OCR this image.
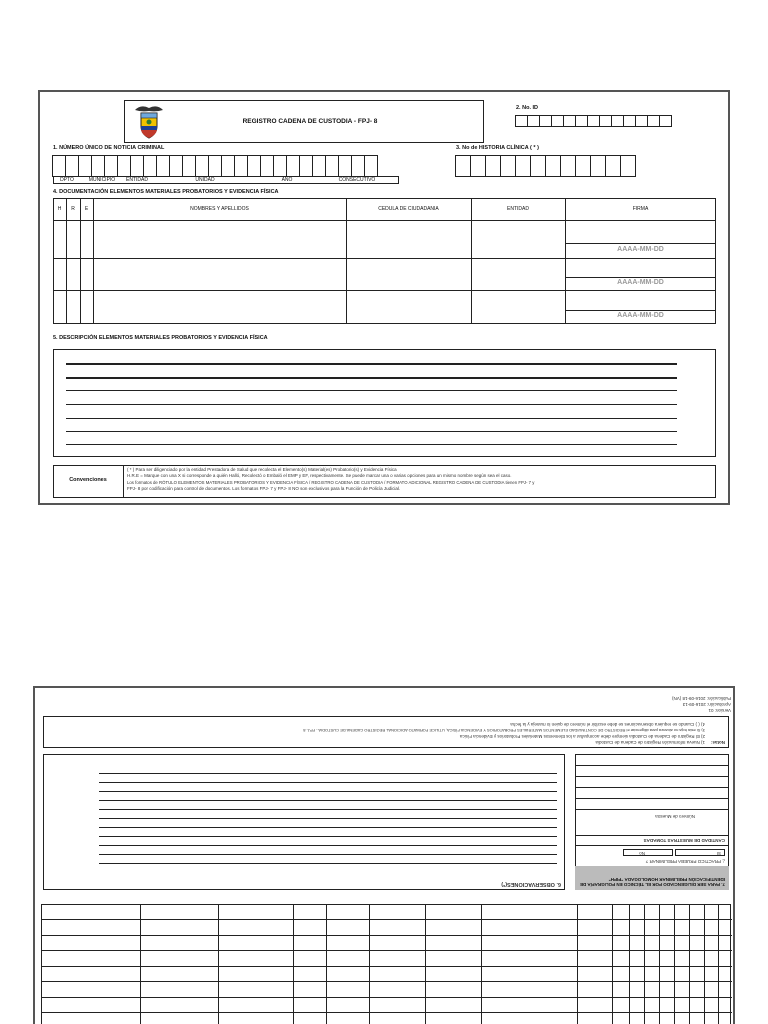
REGISTRO CADENA DE CUSTODIA - FPJ- 8
2. No. ID
1. NÚMERO ÚNICO DE NOTICIA CRIMINAL
DPTO	MUNICIPIO	ENTIDAD	UNIDAD	AÑO	CONSECUTIVO
3. No de HISTORIA CLÍNICA ( * )
4. DOCUMENTACIÓN ELEMENTOS MATERIALES PROBATORIOS Y EVIDENCIA FÍSICA
H	R	E	NOMBRES Y APELLIDOS	CEDULA DE CIUDADANIA	ENTIDAD	FIRMA
AAAA-MM-DD
AAAA-MM-DD
AAAA-MM-DD
5. DESCRIPCIÓN ELEMENTOS MATERIALES PROBATORIOS Y EVIDENCIA FÍSICA
Convenciones
( * ) Para ser diligenciado por la entidad Prestadora de Salud que recolecta el Elemento(s) Material(es) Probatorio(s) y Evidencia Física
H.R.E = Marque con una X si corresponde a quién Halló, Recolectó o Embaló el EMP y EF, respectivamente. Se puede marcar una o varias opciones para un mismo nombre según sea el caso.
Los formatos de RÓTULO ELEMENTOS MATERIALES PROBATORIOS Y EVIDENCIA FÍSICA / REGISTRO CADENA DE CUSTODIA / FORMATO ADICIONAL REGISTRO CADENA DE CUSTODIA tienen FPJ- 7 y
FPJ- 8 por codificación para control de documentos. Los formatos FPJ- 7 y FPJ- 8 NO son exclusivos para la Función de Policía Judicial.
Version: 01
Aprobación: 2016-09-13
Publicación: 2016-09-18 (VN)
Notas:
1) Nueva Información Registro de Cadena de Custodia
2) El Registro de Cadena de Custodia siempre debe acompañar a los Elementos Materiales Probatorios y Evidencia Física
3) Si esta hoja no alcanza para diligenciar el REGISTRO DE CONTINUIDAD ELEMENTOS MATERIALES PROBATORIOS Y EVIDENCIA FÍSICA, UTILICE FORMATO ADICIONAL REGISTRO CADENA DE CUSTODIA - FPJ- 8
4) ( ) Cuando se requiera observaciones se debe escribir el número de quien lo maneja y la fecha
7. PARA SER DILIGENCIADO POR EL TÉCNICO EN POLIGRAFÍA DE IDENTIFICACIÓN PRELIMINAR HOMOLOGADA "PIPH"
¿ PRACTICO PRUEBA PRELIMINAR ?
SI
No
CANTIDAD DE MUESTRAS TOMADAS
Número de Muestra
6. OBSERVACIONES(*)
